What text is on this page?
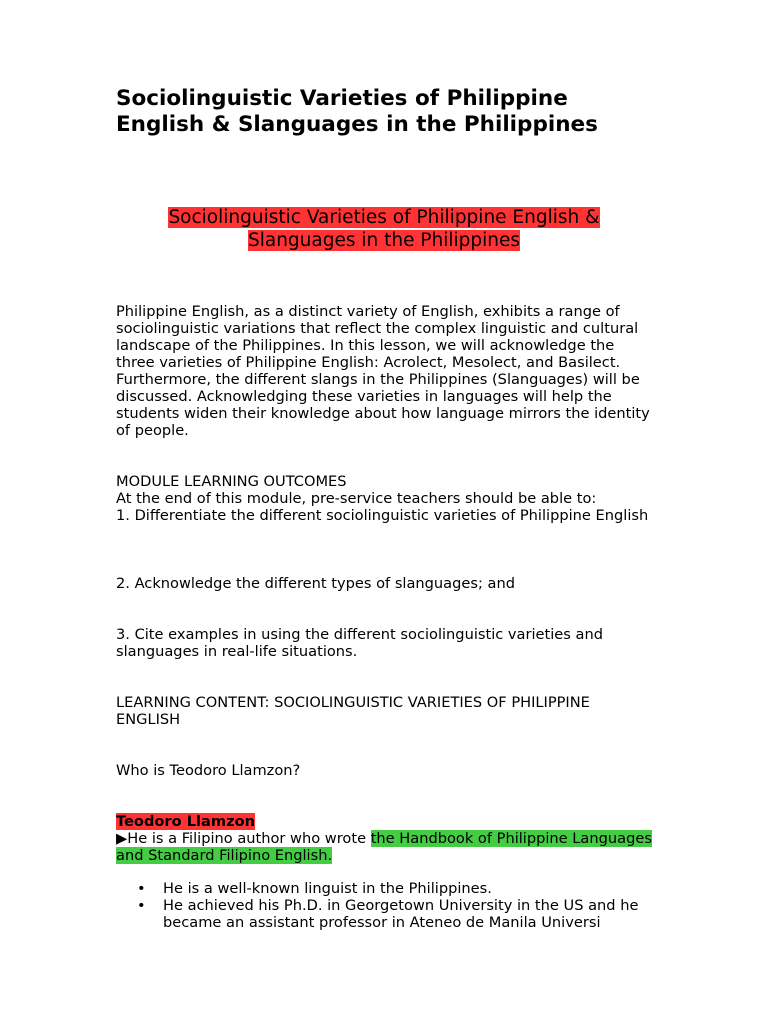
Sociolinguistic Varieties of Philippine English & Slanguages in the Philippines
Sociolinguistic Varieties of Philippine English & Slanguages in the Philippines
Philippine English, as a distinct variety of English, exhibits a range of sociolinguistic variations that reflect the complex linguistic and cultural landscape of the Philippines. In this lesson, we will acknowledge the three varieties of Philippine English: Acrolect, Mesolect, and Basilect. Furthermore, the different slangs in the Philippines (Slanguages) will be discussed. Acknowledging these varieties in languages will help the students widen their knowledge about how language mirrors the identity of people.
MODULE LEARNING OUTCOMES
At the end of this module, pre-service teachers should be able to:
1. Differentiate the different sociolinguistic varieties of Philippine English
2. Acknowledge the different types of slanguages; and
3. Cite examples in using the different sociolinguistic varieties and slanguages in real-life situations.
LEARNING CONTENT: SOCIOLINGUISTIC VARIETIES OF PHILIPPINE ENGLISH
Who is Teodoro Llamzon?
Teodoro Llamzon
▶He is a Filipino author who wrote the Handbook of Philippine Languages and Standard Filipino English.
• He is a well-known linguist in the Philippines.
• He achieved his Ph.D. in Georgetown University in the US and he became an assistant professor in Ateneo de Manila Universi
